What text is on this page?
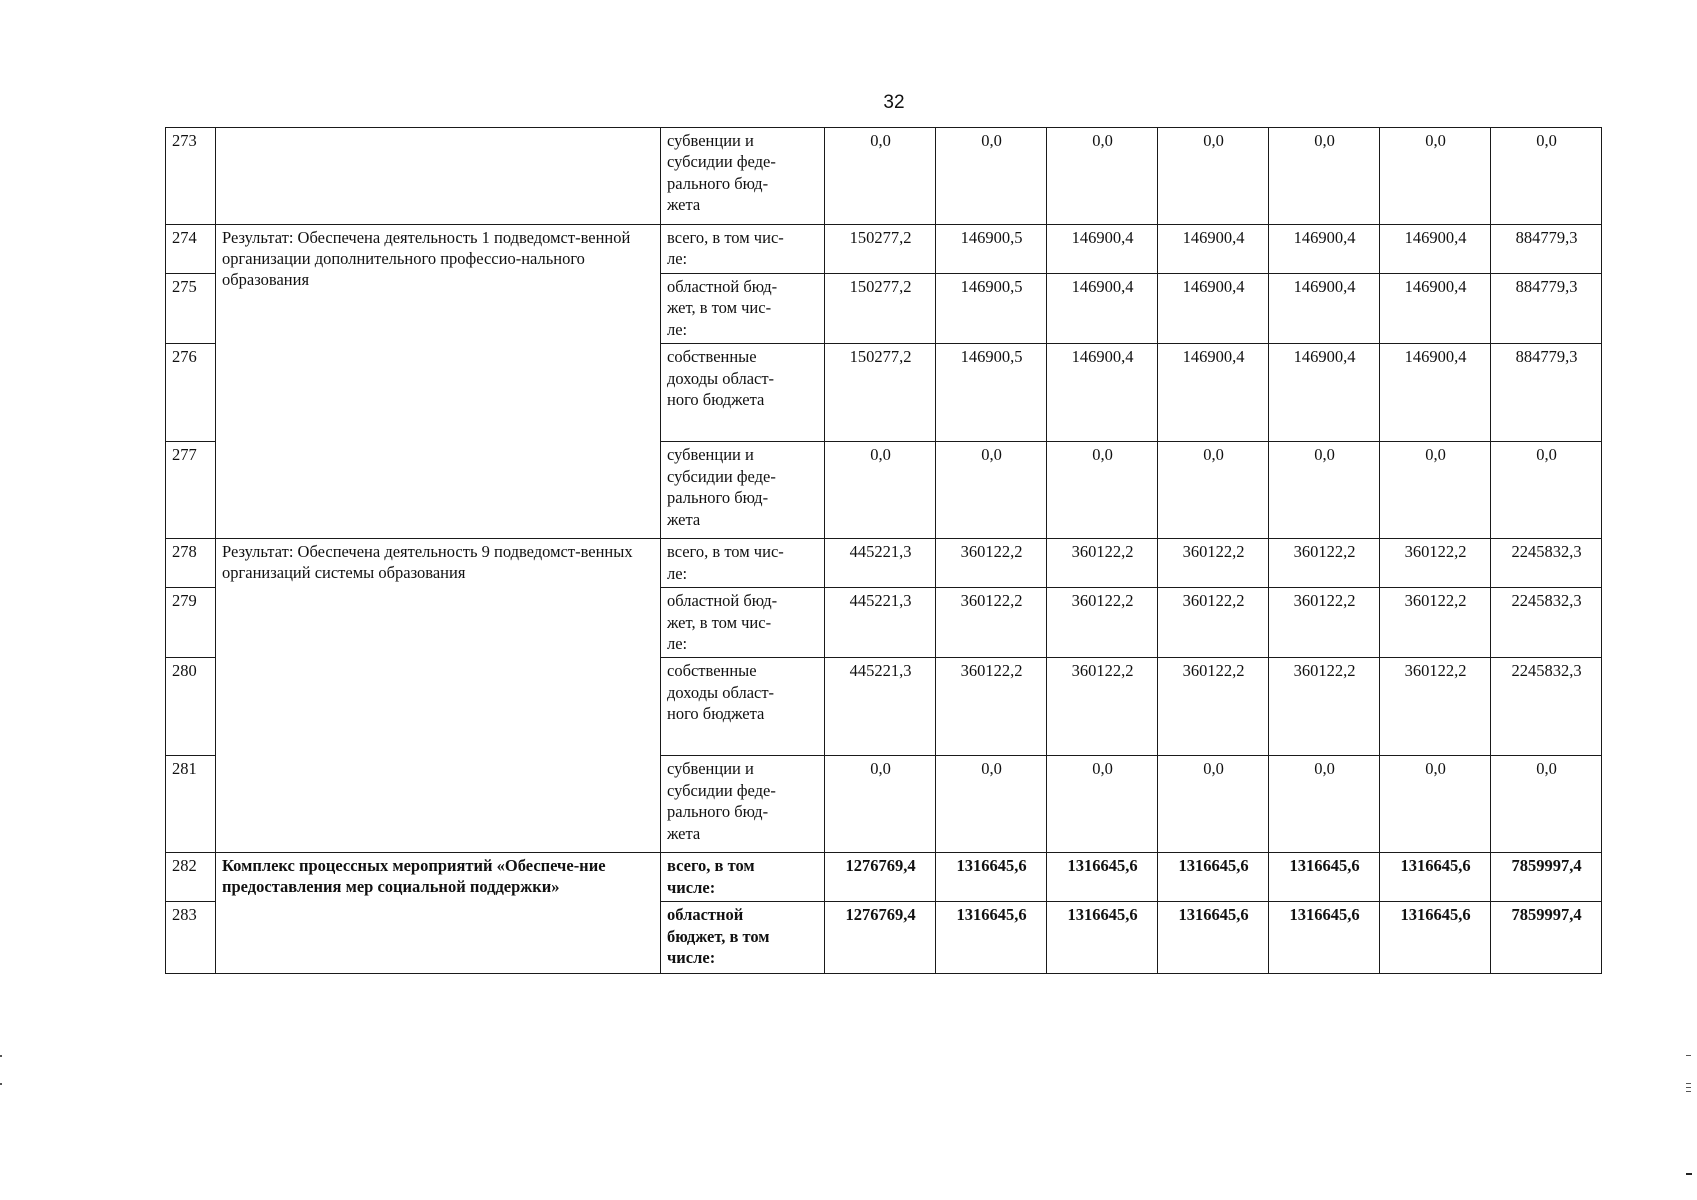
32
273		субвенции и
субсидии феде-
рального бюд-
жета	0,0	0,0	0,0	0,0	0,0	0,0	0,0
274	Результат: Обеспечена деятельность 1 подведомст-венной организации дополнительного профессио-нального образования	всего, в том чис-
ле:	150277,2	146900,5	146900,4	146900,4	146900,4	146900,4	884779,3
275		областной бюд-
жет, в том чис-
ле:	150277,2	146900,5	146900,4	146900,4	146900,4	146900,4	884779,3
276		собственные
доходы област-
ного бюджета	150277,2	146900,5	146900,4	146900,4	146900,4	146900,4	884779,3
277		субвенции и
субсидии феде-
рального бюд-
жета	0,0	0,0	0,0	0,0	0,0	0,0	0,0
278	Результат: Обеспечена деятельность 9 подведомст-венных организаций системы образования	всего, в том чис-
ле:	445221,3	360122,2	360122,2	360122,2	360122,2	360122,2	2245832,3
279		областной бюд-
жет, в том чис-
ле:	445221,3	360122,2	360122,2	360122,2	360122,2	360122,2	2245832,3
280		собственные
доходы област-
ного бюджета	445221,3	360122,2	360122,2	360122,2	360122,2	360122,2	2245832,3
281		субвенции и
субсидии феде-
рального бюд-
жета	0,0	0,0	0,0	0,0	0,0	0,0	0,0
282	Комплекс процессных мероприятий «Обеспече-ние предоставления мер социальной поддержки»	всего, в том
числе:	1276769,4	1316645,6	1316645,6	1316645,6	1316645,6	1316645,6	7859997,4
283		областной
бюджет, в том
числе:	1276769,4	1316645,6	1316645,6	1316645,6	1316645,6	1316645,6	7859997,4
